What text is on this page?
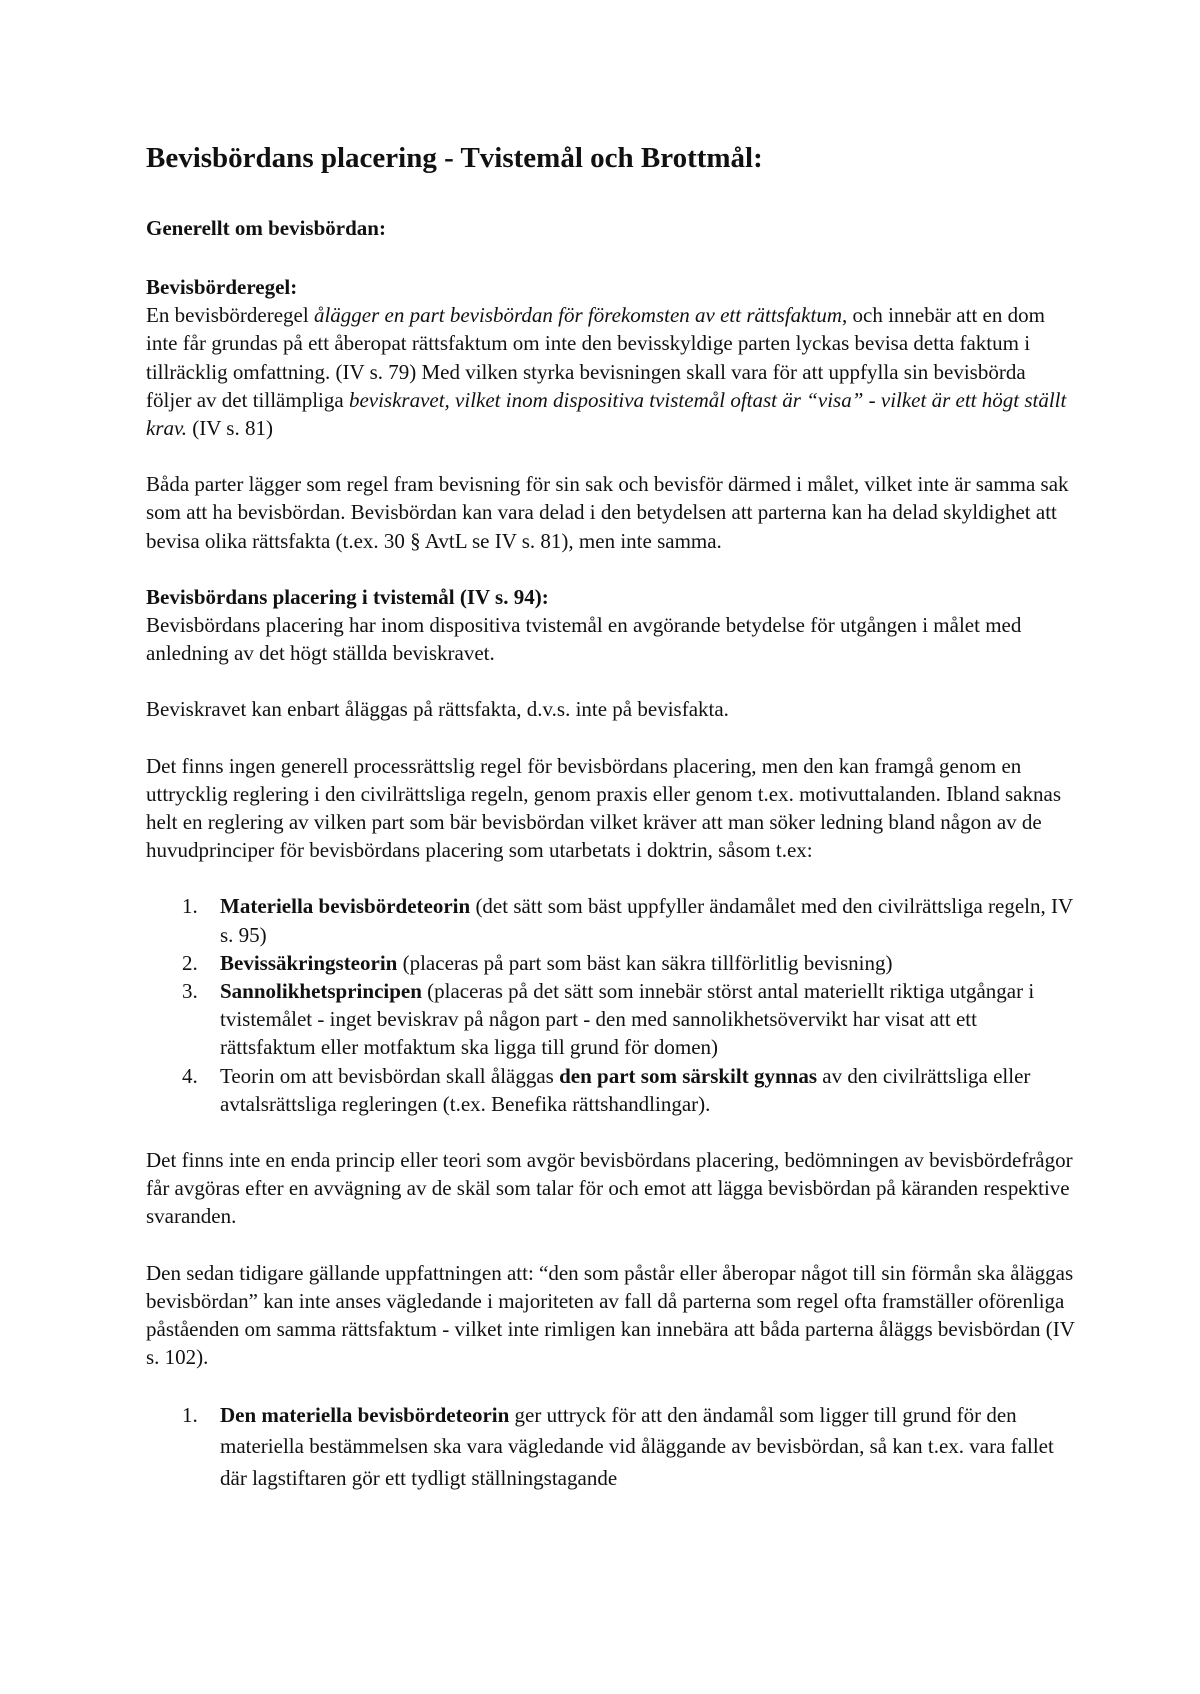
Bevisbördans placering - Tvistemål och Brottmål:
Generellt om bevisbördan:

Bevisbörderegel:
En bevisbörderegel ålägger en part bevisbördan för förekomsten av ett rättsfaktum, och innebär att en dom inte får grundas på ett åberopat rättsfaktum om inte den bevisskyldige parten lyckas bevisa detta faktum i tillräcklig omfattning. (IV s. 79) Med vilken styrka bevisningen skall vara för att uppfylla sin bevisbörda följer av det tillämpliga beviskravet, vilket inom dispositiva tvistemål oftast är “visa” - vilket är ett högt ställt krav. (IV s. 81)

Båda parter lägger som regel fram bevisning för sin sak och bevisför därmed i målet, vilket inte är samma sak som att ha bevisbördan. Bevisbördan kan vara delad i den betydelsen att parterna kan ha delad skyldighet att bevisa olika rättsfakta (t.ex. 30 § AvtL se IV s. 81), men inte samma.

Bevisbördans placering i tvistemål (IV s. 94):
Bevisbördans placering har inom dispositiva tvistemål en avgörande betydelse för utgången i målet med anledning av det högt ställda beviskravet.

Beviskravet kan enbart åläggas på rättsfakta, d.v.s. inte på bevisfakta.

Det finns ingen generell processrättslig regel för bevisbördans placering, men den kan framgå genom en uttrycklig reglering i den civilrättsliga regeln, genom praxis eller genom t.ex. motivuttalanden. Ibland saknas helt en reglering av vilken part som bär bevisbördan vilket kräver att man söker ledning bland någon av de huvudprinciper för bevisbördans placering som utarbetats i doktrin, såsom t.ex:

1. Materiella bevisbördeteorin (det sätt som bäst uppfyller ändamålet med den civilrättsliga regeln, IV s. 95)
2. Bevissäkringsteorin (placeras på part som bäst kan säkra tillförlitlig bevisning)
3. Sannolikhetsprincipen (placeras på det sätt som innebär störst antal materiellt riktiga utgångar i tvistemålet - inget beviskrav på någon part - den med sannolikhetsövervikt har visat att ett rättsfaktum eller motfaktum ska ligga till grund för domen)
4. Teorin om att bevisbördan skall åläggas den part som särskilt gynnas av den civilrättsliga eller avtalsrättsliga regleringen (t.ex. Benefika rättshandlingar).

Det finns inte en enda princip eller teori som avgör bevisbördans placering, bedömningen av bevisbördefrågor får avgöras efter en avvägning av de skäl som talar för och emot att lägga bevisbördan på käranden respektive svaranden.

Den sedan tidigare gällande uppfattningen att: “den som påstår eller åberopar något till sin förmån ska åläggas bevisbördan” kan inte anses vägledande i majoriteten av fall då parterna som regel ofta framställer oförenliga påståenden om samma rättsfaktum - vilket inte rimligen kan innebära att båda parterna åläggs bevisbördan (IV s. 102).

1. Den materiella bevisbördeteorin ger uttryck för att den ändamål som ligger till grund för den materiella bestämmelsen ska vara vägledande vid åläggande av bevisbördan, så kan t.ex. vara fallet där lagstiftaren gör ett tydligt ställningstagande
